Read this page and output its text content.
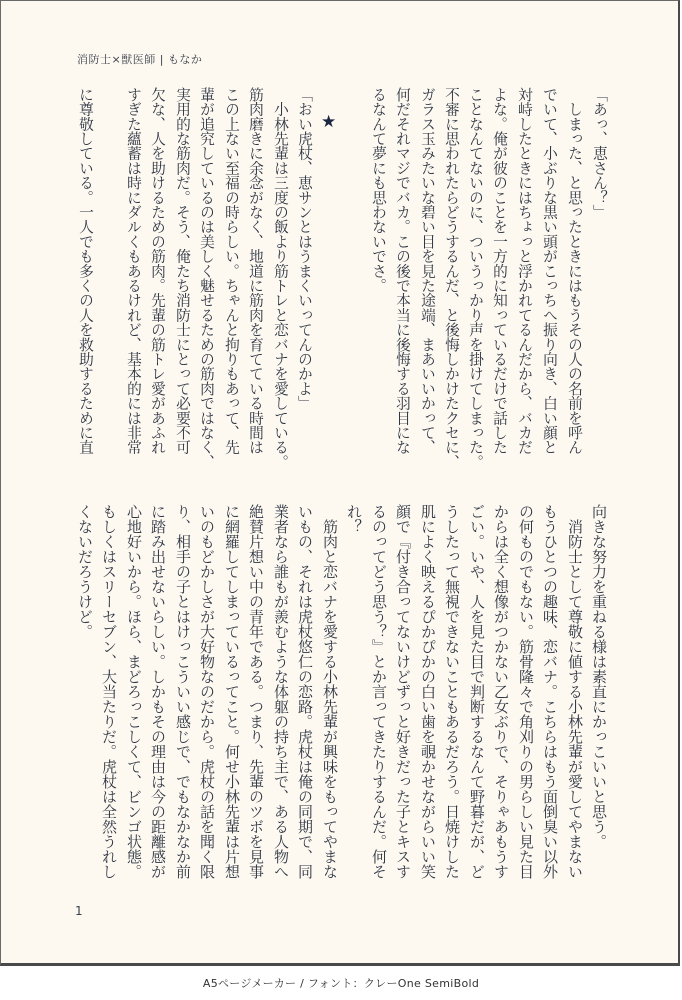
消防士×獣医師 | もなか
「あっ、恵さん？」
　しまった、と思ったときにはもうその人の名前を呼ん
でいて、小ぶりな黒い頭がこっちへ振り向き、白い顔と
対峙したときにはちょっと浮かれてるんだから、バカだ
よな。俺が彼のことを一方的に知っているだけで話した
ことなんてないのに、ついうっかり声を掛けてしまった。
不審に思われたらどうするんだ、と後悔しかけたクセに、
ガラス玉みたいな碧い目を見た途端、まあいいかって、
何だそれマジでバカ。この後で本当に後悔する羽目にな
るなんて夢にも思わないでさ。
★
「おい虎杖、恵サンとはうまくいってんのかよ」
　小林先輩は三度の飯より筋トレと恋バナを愛している。
筋肉磨きに余念がなく、地道に筋肉を育てている時間は
この上ない至福の時らしい。ちゃんと拘りもあって、先
輩が追究しているのは美しく魅せるための筋肉ではなく、
実用的な筋肉だ。そう、俺たち消防士にとって必要不可
欠な、人を助けるための筋肉。先輩の筋トレ愛があふれ
すぎた蘊蓄は時にダルくもあるけれど、基本的には非常
に尊敬している。一人でも多くの人を救助するために直
向きな努力を重ねる様は素直にかっこいいと思う。
　消防士として尊敬に値する小林先輩が愛してやまない
もうひとつの趣味、恋バナ。こちらはもう面倒臭い以外
の何ものでもない。筋骨隆々で角刈りの男らしい見た目
からは全く想像がつかない乙女ぶりで、そりゃあもうす
ごい。いや、人を見た目で判断するなんて野暮だが、ど
うしたって無視できないこともあるだろう。日焼けした
肌によく映えるぴかぴかの白い歯を覗かせながらいい笑
顔で『付き合ってないけどずっと好きだった子とキスす
るのってどう思う？』とか言ってきたりするんだ。何そ
れ？
　筋肉と恋バナを愛する小林先輩が興味をもってやまな
いもの、それは虎杖悠仁の恋路。虎杖は俺の同期で、同
業者なら誰もが羨むような体躯の持ち主で、ある人物へ
絶賛片想い中の青年である。つまり、先輩のツボを見事
に網羅してしまっているってこと。何せ小林先輩は片想
いのもどかしさが大好物なのだから。虎杖の話を聞く限
り、相手の子とはけっこういい感じで、でもなかなか前
に踏み出せないらしい。しかもその理由は今の距離感が
心地好いから。ほら、まどろっこしくて、ビンゴ状態。
もしくはスリーセブン、大当たりだ。虎杖は全然うれし
くないだろうけど。
1
A5ページメーカー / フォント：クレーOne SemiBold
